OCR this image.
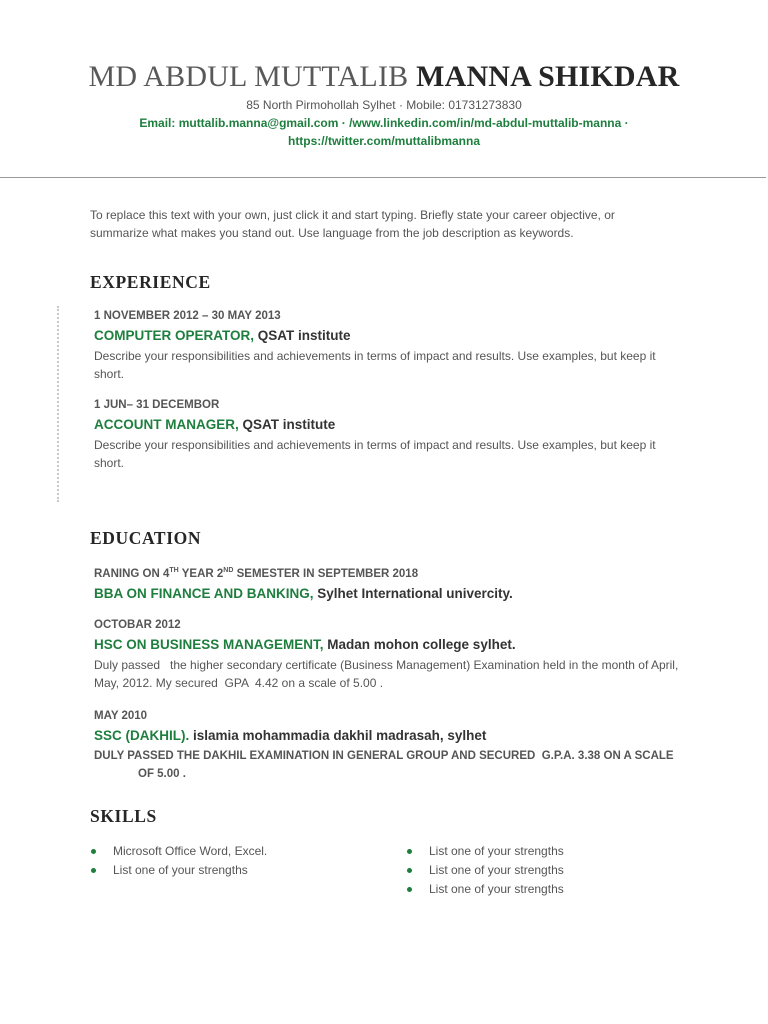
MD ABDUL MUTTALIB MANNA SHIKDAR
85 North Pirmohollah Sylhet · Mobile: 01731273830
Email: muttalib.manna@gmail.com · /www.linkedin.com/in/md-abdul-muttalib-manna ·
https://twitter.com/muttalibmanna
To replace this text with your own, just click it and start typing. Briefly state your career objective, or summarize what makes you stand out. Use language from the job description as keywords.
EXPERIENCE
1 NOVEMBER 2012 – 30 MAY 2013
COMPUTER OPERATOR, QSAT institute
Describe your responsibilities and achievements in terms of impact and results. Use examples, but keep it short.
1 JUN– 31 DECEMBOR
ACCOUNT MANAGER, QSAT institute
Describe your responsibilities and achievements in terms of impact and results. Use examples, but keep it short.
EDUCATION
RANING ON 4TH YEAR 2ND SEMESTER IN SEPTEMBER 2018
BBA ON FINANCE AND BANKING, Sylhet International univercity.
OCTOBAR 2012
HSC ON BUSINESS MANAGEMENT, Madan mohon college sylhet.
Duly passed   the higher secondary certificate (Business Management) Examination held in the month of April, May, 2012. My secured  GPA  4.42 on a scale of 5.00 .
MAY 2010
SSC (DAKHIL). islamia mohammadia dakhil madrasah, sylhet
DULY PASSED THE DAKHIL EXAMINATION IN GENERAL GROUP AND SECURED  G.P.A. 3.38 ON A SCALE
OF 5.00 .
SKILLS
Microsoft Office Word, Excel.
List one of your strengths
List one of your strengths
List one of your strengths
List one of your strengths
